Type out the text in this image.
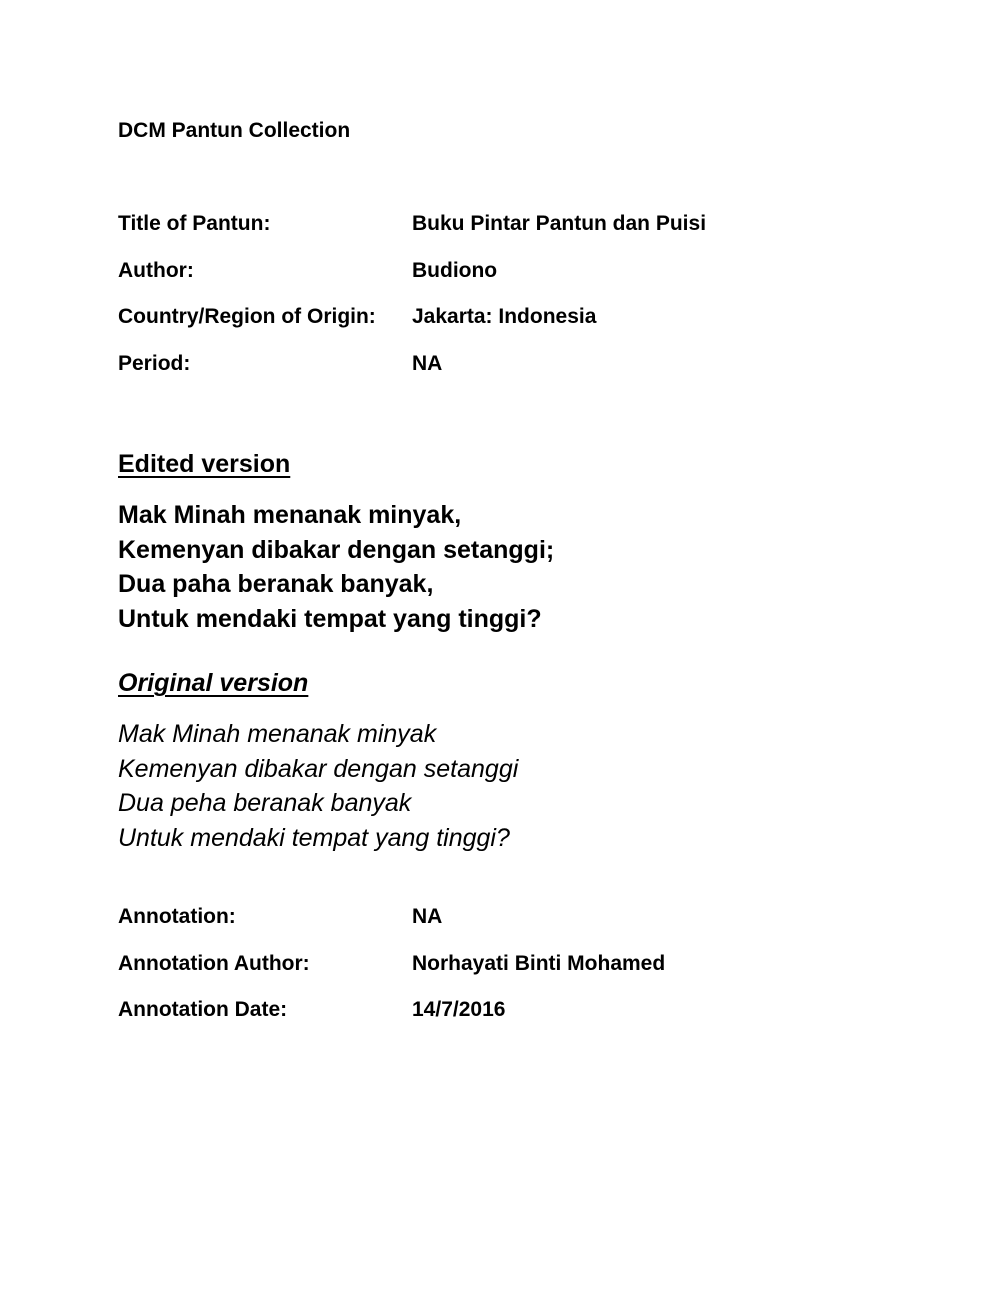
DCM Pantun Collection
Title of Pantun:	Buku Pintar Pantun dan Puisi
Author:	Budiono
Country/Region of Origin:	Jakarta: Indonesia
Period:	NA
Edited version
Mak Minah menanak minyak,
Kemenyan dibakar dengan setanggi;
Dua paha beranak banyak,
Untuk mendaki tempat yang tinggi?
Original version
Mak Minah menanak minyak
Kemenyan dibakar dengan setanggi
Dua peha beranak banyak
Untuk mendaki tempat yang tinggi?
Annotation:	NA
Annotation Author:	Norhayati Binti Mohamed
Annotation Date:	14/7/2016
